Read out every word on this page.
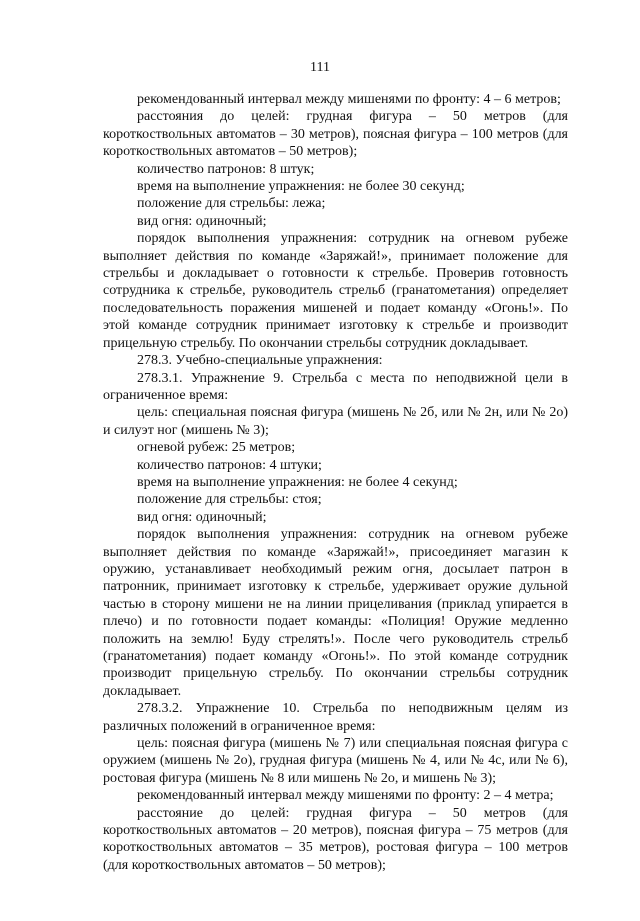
111

рекомендованный интервал между мишенями по фронту: 4 – 6 метров;

расстояния до целей: грудная фигура – 50 метров (для короткоствольных автоматов – 30 метров), поясная фигура – 100 метров (для короткоствольных автоматов – 50 метров);

количество патронов: 8 штук;

время на выполнение упражнения: не более 30 секунд;

положение для стрельбы: лежа;

вид огня: одиночный;

порядок выполнения упражнения: сотрудник на огневом рубеже выполняет действия по команде «Заряжай!», принимает положение для стрельбы и докладывает о готовности к стрельбе. Проверив готовность сотрудника к стрельбе, руководитель стрельб (гранатометания) определяет последовательность поражения мишеней и подает команду «Огонь!». По этой команде сотрудник принимает изготовку к стрельбе и производит прицельную стрельбу. По окончании стрельбы сотрудник докладывает.

278.3. Учебно-специальные упражнения:

278.3.1. Упражнение 9. Стрельба с места по неподвижной цели в ограниченное время:

цель: специальная поясная фигура (мишень № 2б, или № 2н, или № 2о) и силуэт ног (мишень № 3);

огневой рубеж: 25 метров;

количество патронов: 4 штуки;

время на выполнение упражнения: не более 4 секунд;

положение для стрельбы: стоя;

вид огня: одиночный;

порядок выполнения упражнения: сотрудник на огневом рубеже выполняет действия по команде «Заряжай!», присоединяет магазин к оружию, устанавливает необходимый режим огня, досылает патрон в патронник, принимает изготовку к стрельбе, удерживает оружие дульной частью в сторону мишени не на линии прицеливания (приклад упирается в плечо) и по готовности подает команды: «Полиция! Оружие медленно положить на землю! Буду стрелять!». После чего руководитель стрельб (гранатометания) подает команду «Огонь!». По этой команде сотрудник производит прицельную стрельбу. По окончании стрельбы сотрудник докладывает.

278.3.2. Упражнение 10. Стрельба по неподвижным целям из различных положений в ограниченное время:

цель: поясная фигура (мишень № 7) или специальная поясная фигура с оружием (мишень № 2о), грудная фигура (мишень № 4, или № 4с, или № 6), ростовая фигура (мишень № 8 или мишень № 2о, и мишень № 3);

рекомендованный интервал между мишенями по фронту: 2 – 4 метра;

расстояние до целей: грудная фигура – 50 метров (для короткоствольных автоматов – 20 метров), поясная фигура – 75 метров (для короткоствольных автоматов – 35 метров), ростовая фигура – 100 метров (для короткоствольных автоматов – 50 метров);
